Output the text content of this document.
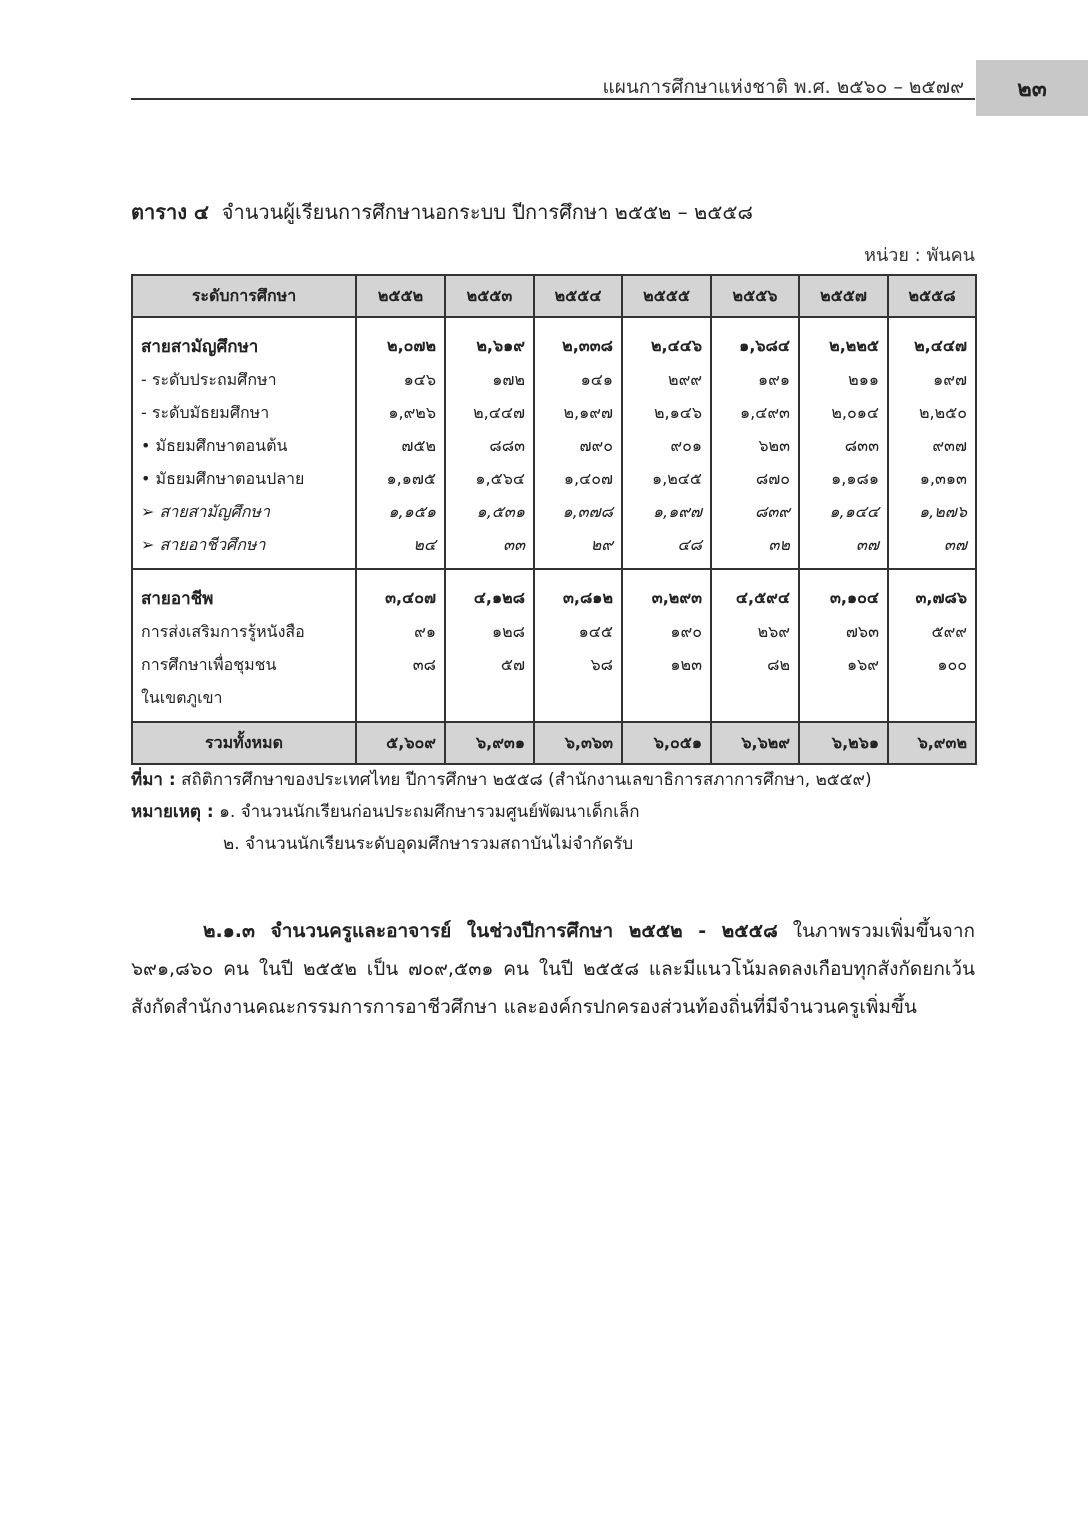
แผนการศึกษาแห่งชาติ พ.ศ. ๒๕๖๐ – ๒๕๗๙	๒๓
ตาราง ๔ จำนวนผู้เรียนการศึกษานอกระบบ ปีการศึกษา ๒๕๕๒ – ๒๕๕๘
หน่วย : พันคน
ระดับการศึกษา	๒๕๕๒	๒๕๕๓	๒๕๕๔	๒๕๕๕	๒๕๕๖	๒๕๕๗	๒๕๕๘
สายสามัญศึกษา	๒,๐๗๒	๒,๖๑๙	๒,๓๓๘	๒,๔๔๖	๑,๖๘๔	๒,๒๒๕	๒,๔๔๗
- ระดับประถมศึกษา	๑๔๖	๑๗๒	๑๔๑	๒๙๙	๑๙๑	๒๑๑	๑๙๗
- ระดับมัธยมศึกษา	๑,๙๒๖	๒,๔๔๗	๒,๑๙๗	๒,๑๔๖	๑,๔๙๓	๒,๐๑๔	๒,๒๕๐
• มัธยมศึกษาตอนต้น	๗๕๒	๘๘๓	๗๙๐	๙๐๑	๖๒๓	๘๓๓	๙๓๗
• มัธยมศึกษาตอนปลาย	๑,๑๗๕	๑,๕๖๔	๑,๔๐๗	๑,๒๔๕	๘๗๐	๑,๑๘๑	๑,๓๑๓
➢ สายสามัญศึกษา	๑,๑๕๑	๑,๕๓๑	๑,๓๗๘	๑,๑๙๗	๘๓๙	๑,๑๔๔	๑,๒๗๖
➢ สายอาชีวศึกษา	๒๔	๓๓	๒๙	๔๘	๓๒	๓๗	๓๗
สายอาชีพ	๓,๔๐๗	๔,๑๒๘	๓,๘๑๒	๓,๒๙๓	๔,๕๙๔	๓,๑๐๔	๓,๗๘๖
การส่งเสริมการรู้หนังสือ	๙๑	๑๒๘	๑๔๕	๑๙๐	๒๖๙	๗๖๓	๕๙๙
การศึกษาเพื่อชุมชน	๓๘	๕๗	๖๘	๑๒๓	๘๒	๑๖๙	๑๐๐
ในเขตภูเขา							
รวมทั้งหมด	๕,๖๐๙	๖,๙๓๑	๖,๓๖๓	๖,๐๕๑	๖,๖๒๙	๖,๒๖๑	๖,๙๓๒
ที่มา : สถิติการศึกษาของประเทศไทย ปีการศึกษา ๒๕๕๘ (สำนักงานเลขาธิการสภาการศึกษา, ๒๕๕๙)
หมายเหตุ : ๑. จำนวนนักเรียนก่อนประถมศึกษารวมศูนย์พัฒนาเด็กเล็ก
๒. จำนวนนักเรียนระดับอุดมศึกษารวมสถาบันไม่จำกัดรับ
๒.๑.๓ จำนวนครูและอาจารย์ ในช่วงปีการศึกษา ๒๕๕๒ - ๒๕๕๘ ในภาพรวมเพิ่มขึ้นจาก ๖๙๑,๘๖๐ คน ในปี ๒๕๕๒ เป็น ๗๐๙,๕๓๑ คน ในปี ๒๕๕๘ และมีแนวโน้มลดลงเกือบทุกสังกัดยกเว้นสังกัดสำนักงานคณะกรรมการการอาชีวศึกษา และองค์กรปกครองส่วนท้องถิ่นที่มีจำนวนครูเพิ่มขึ้น
